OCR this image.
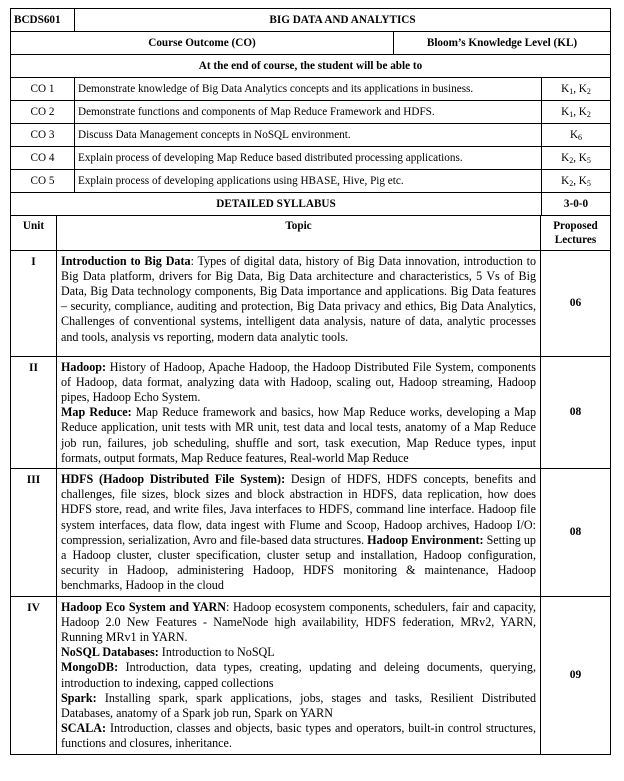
BCDS601	BIG DATA AND ANALYTICS		
Course Outcome (CO)		Bloom’s Knowledge Level (KL)	
At the end of course, the student will be able to			
CO 1	Demonstrate knowledge of Big Data Analytics concepts and its applications in business.		$K_1$, $K_2$
CO 2	Demonstrate functions and components of Map Reduce Framework and HDFS.		$K_1$, $K_2$
CO 3	Discuss Data Management concepts in NoSQL environment.		$K_6$
CO 4	Explain process of developing Map Reduce based distributed processing applications.		$K_2$, $K_5$
CO 5	Explain process of developing applications using HBASE, Hive, Pig etc.		$K_2$, $K_5$
DETAILED SYLLABUS			3-0-0
Unit	Topic	Proposed Lectures
I	Introduction to Big Data: Types of digital data, history of Big Data innovation, introduction to Big Data platform, drivers for Big Data, Big Data architecture and characteristics, 5 Vs of Big Data, Big Data technology components, Big Data importance and applications. Big Data features – security, compliance, auditing and protection, Big Data privacy and ethics, Big Data Analytics, Challenges of conventional systems, intelligent data analysis, nature of data, analytic processes and tools, analysis vs reporting, modern data analytic tools.	06
II	Hadoop: History of Hadoop, Apache Hadoop, the Hadoop Distributed File System, components of Hadoop, data format, analyzing data with Hadoop, scaling out, Hadoop streaming, Hadoop pipes, Hadoop Echo System.
Map Reduce: Map Reduce framework and basics, how Map Reduce works, developing a Map Reduce application, unit tests with MR unit, test data and local tests, anatomy of a Map Reduce job run, failures, job scheduling, shuffle and sort, task execution, Map Reduce types, input formats, output formats, Map Reduce features, Real-world Map Reduce	08
III	HDFS (Hadoop Distributed File System): Design of HDFS, HDFS concepts, benefits and challenges, file sizes, block sizes and block abstraction in HDFS, data replication, how does HDFS store, read, and write files, Java interfaces to HDFS, command line interface. Hadoop file system interfaces, data flow, data ingest with Flume and Scoop, Hadoop archives, Hadoop I/O: compression, serialization, Avro and file-based data structures. Hadoop Environment: Setting up a Hadoop cluster, cluster specification, cluster setup and installation, Hadoop configuration, security in Hadoop, administering Hadoop, HDFS monitoring & maintenance, Hadoop benchmarks, Hadoop in the cloud	08
IV	Hadoop Eco System and YARN: Hadoop ecosystem components, schedulers, fair and capacity, Hadoop 2.0 New Features - NameNode high availability, HDFS federation, MRv2, YARN, Running MRv1 in YARN.
NoSQL Databases: Introduction to NoSQL
MongoDB: Introduction, data types, creating, updating and deleing documents, querying, introduction to indexing, capped collections
Spark: Installing spark, spark applications, jobs, stages and tasks, Resilient Distributed Databases, anatomy of a Spark job run, Spark on YARN
SCALA: Introduction, classes and objects, basic types and operators, built-in control structures, functions and closures, inheritance.	09
